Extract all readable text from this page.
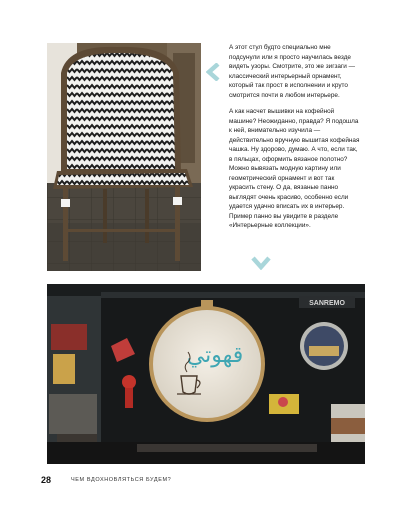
А этот стул будто специально мне подсунули или я просто научилась везде видеть узоры. Смотрите, это же зигзаги — классический интерьерный орнамент, который так прост в исполнении и круто смотрится почти в любом интерьере.

А как насчет вышивки на кофейной машине? Неожиданно, правда? Я подошла к ней, внимательно изучила — действительно вручную вышитая кофейная чашка. Ну здорово, думаю. А что, если так, в пяльцах, оформить вязаное полотно? Можно вывязать модную картину или геометрический орнамент и вот так украсить стену. О да, вязаные панно выглядят очень красиво, особенно если удается удачно вписать их в интерьер. Пример панно вы увидите в разделе «Интерьерные коллекции».

SANREMO
قهوتي
28	ЧЕМ ВДОХНОВЛЯТЬСЯ БУДЕМ?
